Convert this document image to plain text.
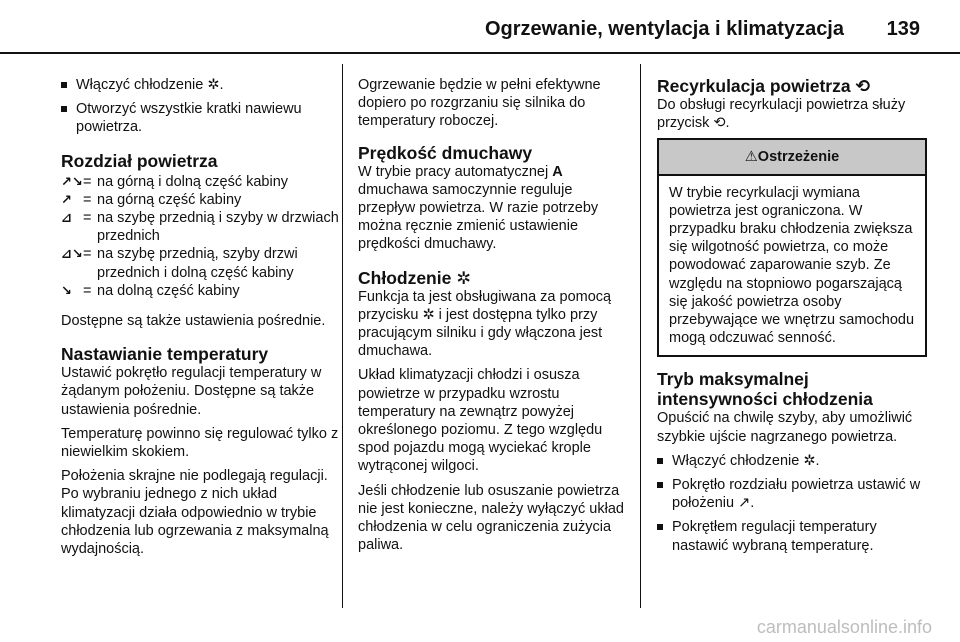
Ogrzewanie, wentylacja i klimatyzacja 139
Włączyć chłodzenie ✲.
Otworzyć wszystkie kratki nawiewu powietrza.
Rozdział powietrza
↗↘ = na górną i dolną część kabiny
↗ = na górną część kabiny
⊿ = na szybę przednią i szyby w drzwiach przednich
⊿↘ = na szybę przednią, szyby drzwi przednich i dolną część kabiny
↘ = na dolną część kabiny

Dostępne są także ustawienia pośrednie.

Nastawianie temperatury

Ustawić pokrętło regulacji temperatury w żądanym położeniu. Dostępne są także ustawienia pośrednie.

Temperaturę powinno się regulować tylko z niewielkim skokiem.

Położenia skrajne nie podlegają regulacji. Po wybraniu jednego z nich układ klimatyzacji działa odpowiednio w trybie chłodzenia lub ogrzewania z maksymalną wydajnością.

Ogrzewanie będzie w pełni efektywne dopiero po rozgrzaniu się silnika do temperatury roboczej.

Prędkość dmuchawy

W trybie pracy automatycznej A dmuchawa samoczynnie reguluje przepływ powietrza. W razie potrzeby można ręcznie zmienić ustawienie prędkości dmuchawy.

Chłodzenie ✲

Funkcja ta jest obsługiwana za pomocą przycisku ✲ i jest dostępna tylko przy pracującym silniku i gdy włączona jest dmuchawa.

Układ klimatyzacji chłodzi i osusza powietrze w przypadku wzrostu temperatury na zewnątrz powyżej określonego poziomu. Z tego względu spod pojazdu mogą wyciekać krople wytrąconej wilgoci.

Jeśli chłodzenie lub osuszanie powietrza nie jest konieczne, należy wyłączyć układ chłodzenia w celu ograniczenia zużycia paliwa.

Recyrkulacja powietrza ⟲

Do obsługi recyrkulacji powietrza służy przycisk ⟲.

⚠Ostrzeżenie
W trybie recyrkulacji wymiana powietrza jest ograniczona. W przypadku braku chłodzenia zwiększa się wilgotność powietrza, co może powodować zaparowanie szyb. Ze względu na stopniowo pogarszającą się jakość powietrza osoby przebywające we wnętrzu samochodu mogą odczuwać senność.
Tryb maksymalnej intensywności chłodzenia

Opuścić na chwilę szyby, aby umożliwić szybkie ujście nagrzanego powietrza.

Włączyć chłodzenie ✲.
Pokrętło rozdziału powietrza ustawić w położeniu ↗.
Pokrętłem regulacji temperatury nastawić wybraną temperaturę.
carmanualsonline.info
